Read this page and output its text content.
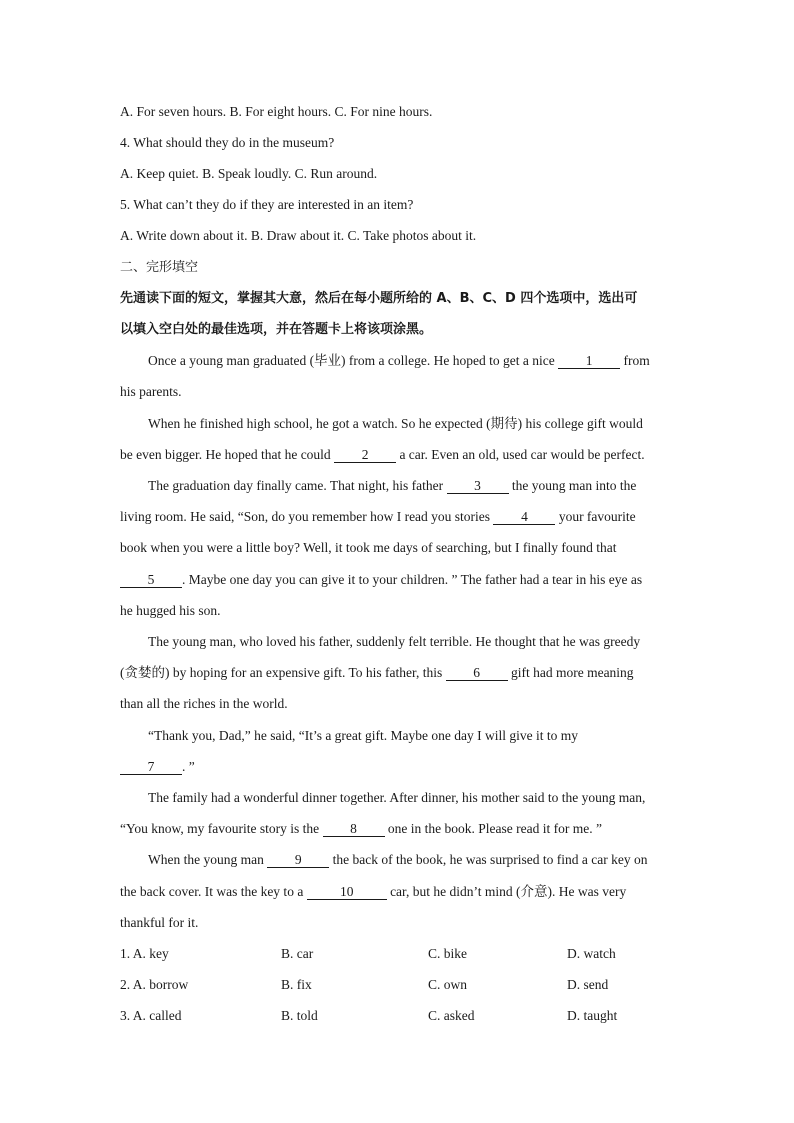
A. For seven hours. B. For eight hours. C. For nine hours.
4. What should they do in the museum?
A. Keep quiet. B. Speak loudly. C. Run around.
5. What can’t they do if they are interested in an item?
A. Write down about it. B. Draw about it. C. Take photos about it.
二、完形填空
先通读下面的短文，掌握其大意，然后在每小题所给的 A、B、C、D 四个选项中，选出可
以填入空白处的最佳选项，并在答题卡上将该项涂黑。
Once a young man graduated (毕业) from a college. He hoped to get a nice 1 from
his parents.
When he finished high school, he got a watch. So he expected (期待) his college gift would
be even bigger. He hoped that he could 2 a car. Even an old, used car would be perfect.
The graduation day finally came. That night, his father 3 the young man into the
living room. He said, “Son, do you remember how I read you stories 4 your favourite
book when you were a little boy? Well, it took me days of searching, but I finally found that
5 . Maybe one day you can give it to your children. ” The father had a tear in his eye as
he hugged his son.
The young man, who loved his father, suddenly felt terrible. He thought that he was greedy
(贪婪的) by hoping for an expensive gift. To his father, this 6 gift had more meaning
than all the riches in the world.
“Thank you, Dad,” he said, “It’s a great gift. Maybe one day I will give it to my
7 . ”
The family had a wonderful dinner together. After dinner, his mother said to the young man,
“You know, my favourite story is the 8 one in the book. Please read it for me. ”
When the young man 9 the back of the book, he was surprised to find a car key on
the back cover. It was the key to a 10 car, but he didn’t mind (介意). He was very
thankful for it.
1. A. key	B. car	C. bike	D. watch
2. A. borrow	B. fix	C. own	D. send
3. A. called	B. told	C. asked	D. taught
